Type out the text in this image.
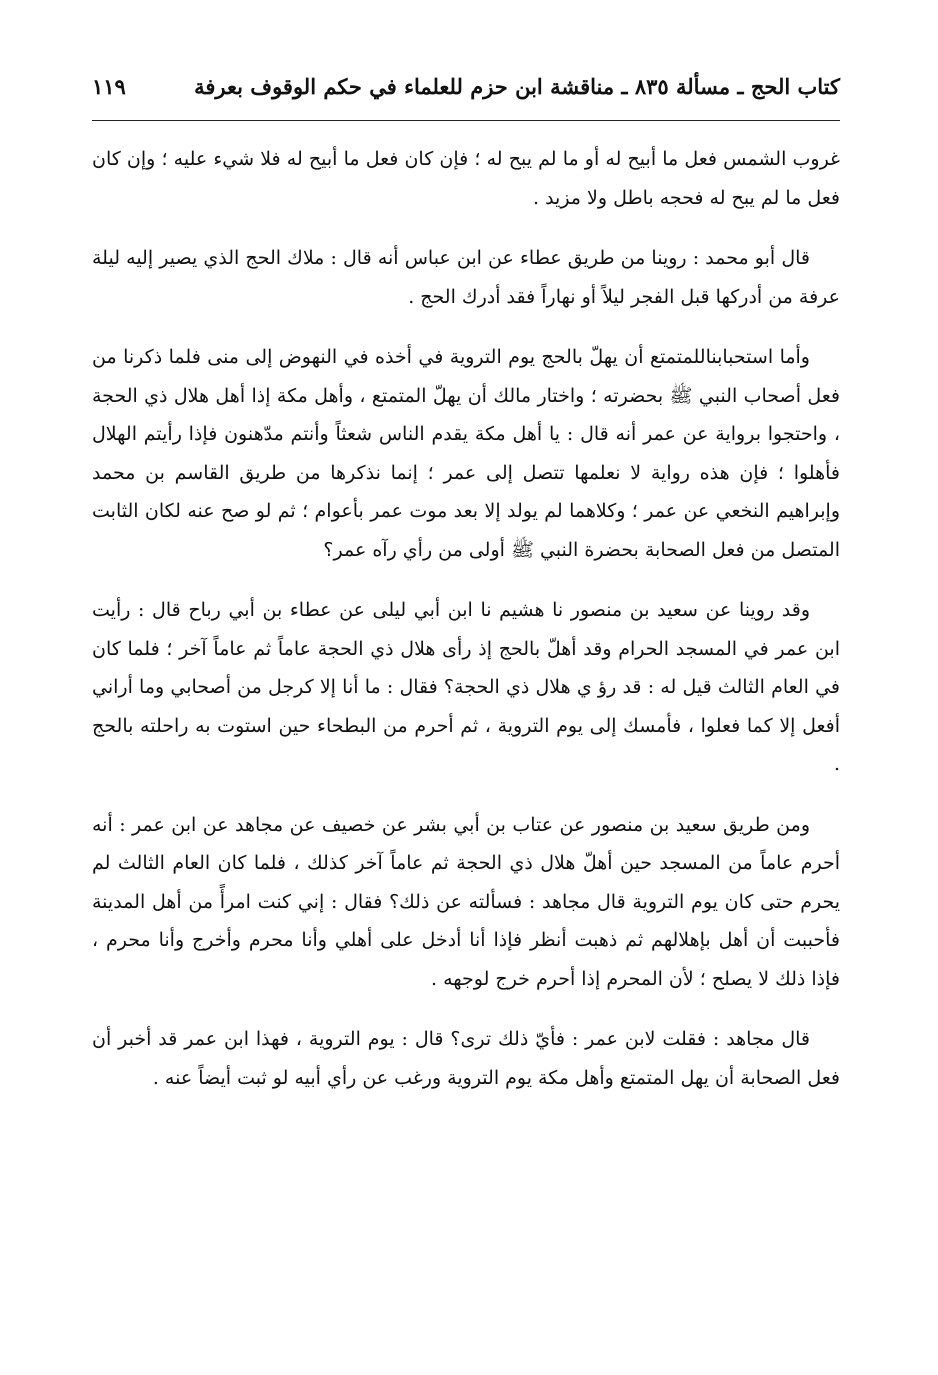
كتاب الحج ـ مسألة ٨٣٥ ـ مناقشة ابن حزم للعلماء في حكم الوقوف بعرفة
١١٩

غروب الشمس فعل ما أبيح له أو ما لم يبح له ؛ فإن كان فعل ما أبيح له فلا شيء عليه ؛ وإن كان فعل ما لم يبح له فحجه باطل ولا مزيد .

قال أبو محمد : روينا من طريق عطاء عن ابن عباس أنه قال : ملاك الحج الذي يصير إليه ليلة عرفة من أدركها قبل الفجر ليلاً أو نهاراً فقد أدرك الحج .

وأما استحبابناللمتمتع أن يهلّ بالحج يوم التروية في أخذه في النهوض إلى منى فلما ذكرنا من فعل أصحاب النبي ﷺ بحضرته ؛ واختار مالك أن يهلّ المتمتع ، وأهل مكة إذا أهل هلال ذي الحجة ، واحتجوا برواية عن عمر أنه قال : يا أهل مكة يقدم الناس شعثاً وأنتم مدّهنون فإذا رأيتم الهلال فأهلوا ؛ فإن هذه رواية لا نعلمها تتصل إلى عمر ؛ إنما نذكرها من طريق القاسم بن محمد وإبراهيم النخعي عن عمر ؛ وكلاهما لم يولد إلا بعد موت عمر بأعوام ؛ ثم لو صح عنه لكان الثابت المتصل من فعل الصحابة بحضرة النبي ﷺ أولى من رأي رآه عمر؟

وقد روينا عن سعيد بن منصور نا هشيم نا ابن أبي ليلى عن عطاء بن أبي رباح قال : رأيت ابن عمر في المسجد الحرام وقد أهلّ بالحج إذ رأى هلال ذي الحجة عاماً ثم عاماً آخر ؛ فلما كان في العام الثالث قيل له : قد رؤ ي هلال ذي الحجة؟ فقال : ما أنا إلا كرجل من أصحابي وما أراني أفعل إلا كما فعلوا ، فأمسك إلى يوم التروية ، ثم أحرم من البطحاء حين استوت به راحلته بالحج .

ومن طريق سعيد بن منصور عن عتاب بن أبي بشر عن خصيف عن مجاهد عن ابن عمر : أنه أحرم عاماً من المسجد حين أهلّ هلال ذي الحجة ثم عاماً آخر كذلك ، فلما كان العام الثالث لم يحرم حتى كان يوم التروية قال مجاهد : فسألته عن ذلك؟ فقال : إني كنت امرأً من أهل المدينة فأحببت أن أهل بإهلالهم ثم ذهبت أنظر فإذا أنا أدخل على أهلي وأنا محرم وأخرج وأنا محرم ، فإذا ذلك لا يصلح ؛ لأن المحرم إذا أحرم خرج لوجهه .

قال مجاهد : فقلت لابن عمر : فأيّ ذلك ترى؟ قال : يوم التروية ، فهذا ابن عمر قد أخبر أن فعل الصحابة أن يهل المتمتع وأهل مكة يوم التروية ورغب عن رأي أبيه لو ثبت أيضاً عنه .
